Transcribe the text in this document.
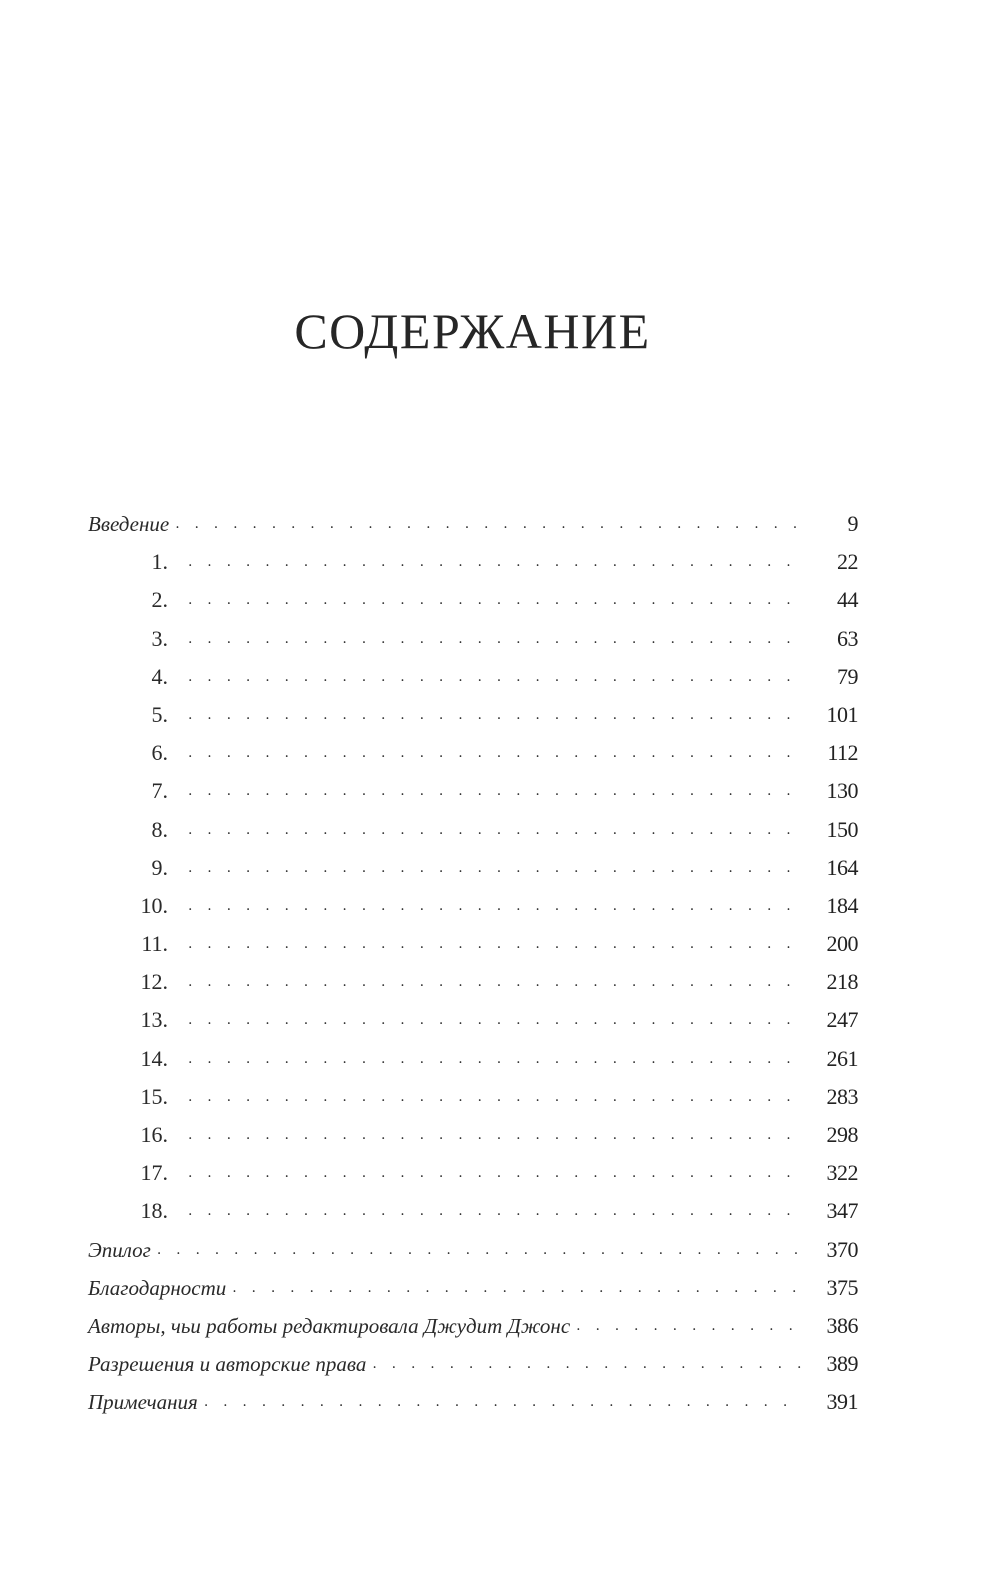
СОДЕРЖАНИЕ
Введение . . .	9
1. . . .	22
2. . . .	44
3. . . .	63
4. . . .	79
5. . . .	101
6. . . .	112
7. . . .	130
8. . . .	150
9. . . .	164
10. . . .	184
11. . . .	200
12. . . .	218
13. . . .	247
14. . . .	261
15. . . .	283
16. . . .	298
17. . . .	322
18. . . .	347
Эпилог . . .	370
Благодарности . . .	375
Авторы, чьи работы редактировала Джудит Джонс . . .	386
Разрешения и авторские права . . .	389
Примечания . . .	391
